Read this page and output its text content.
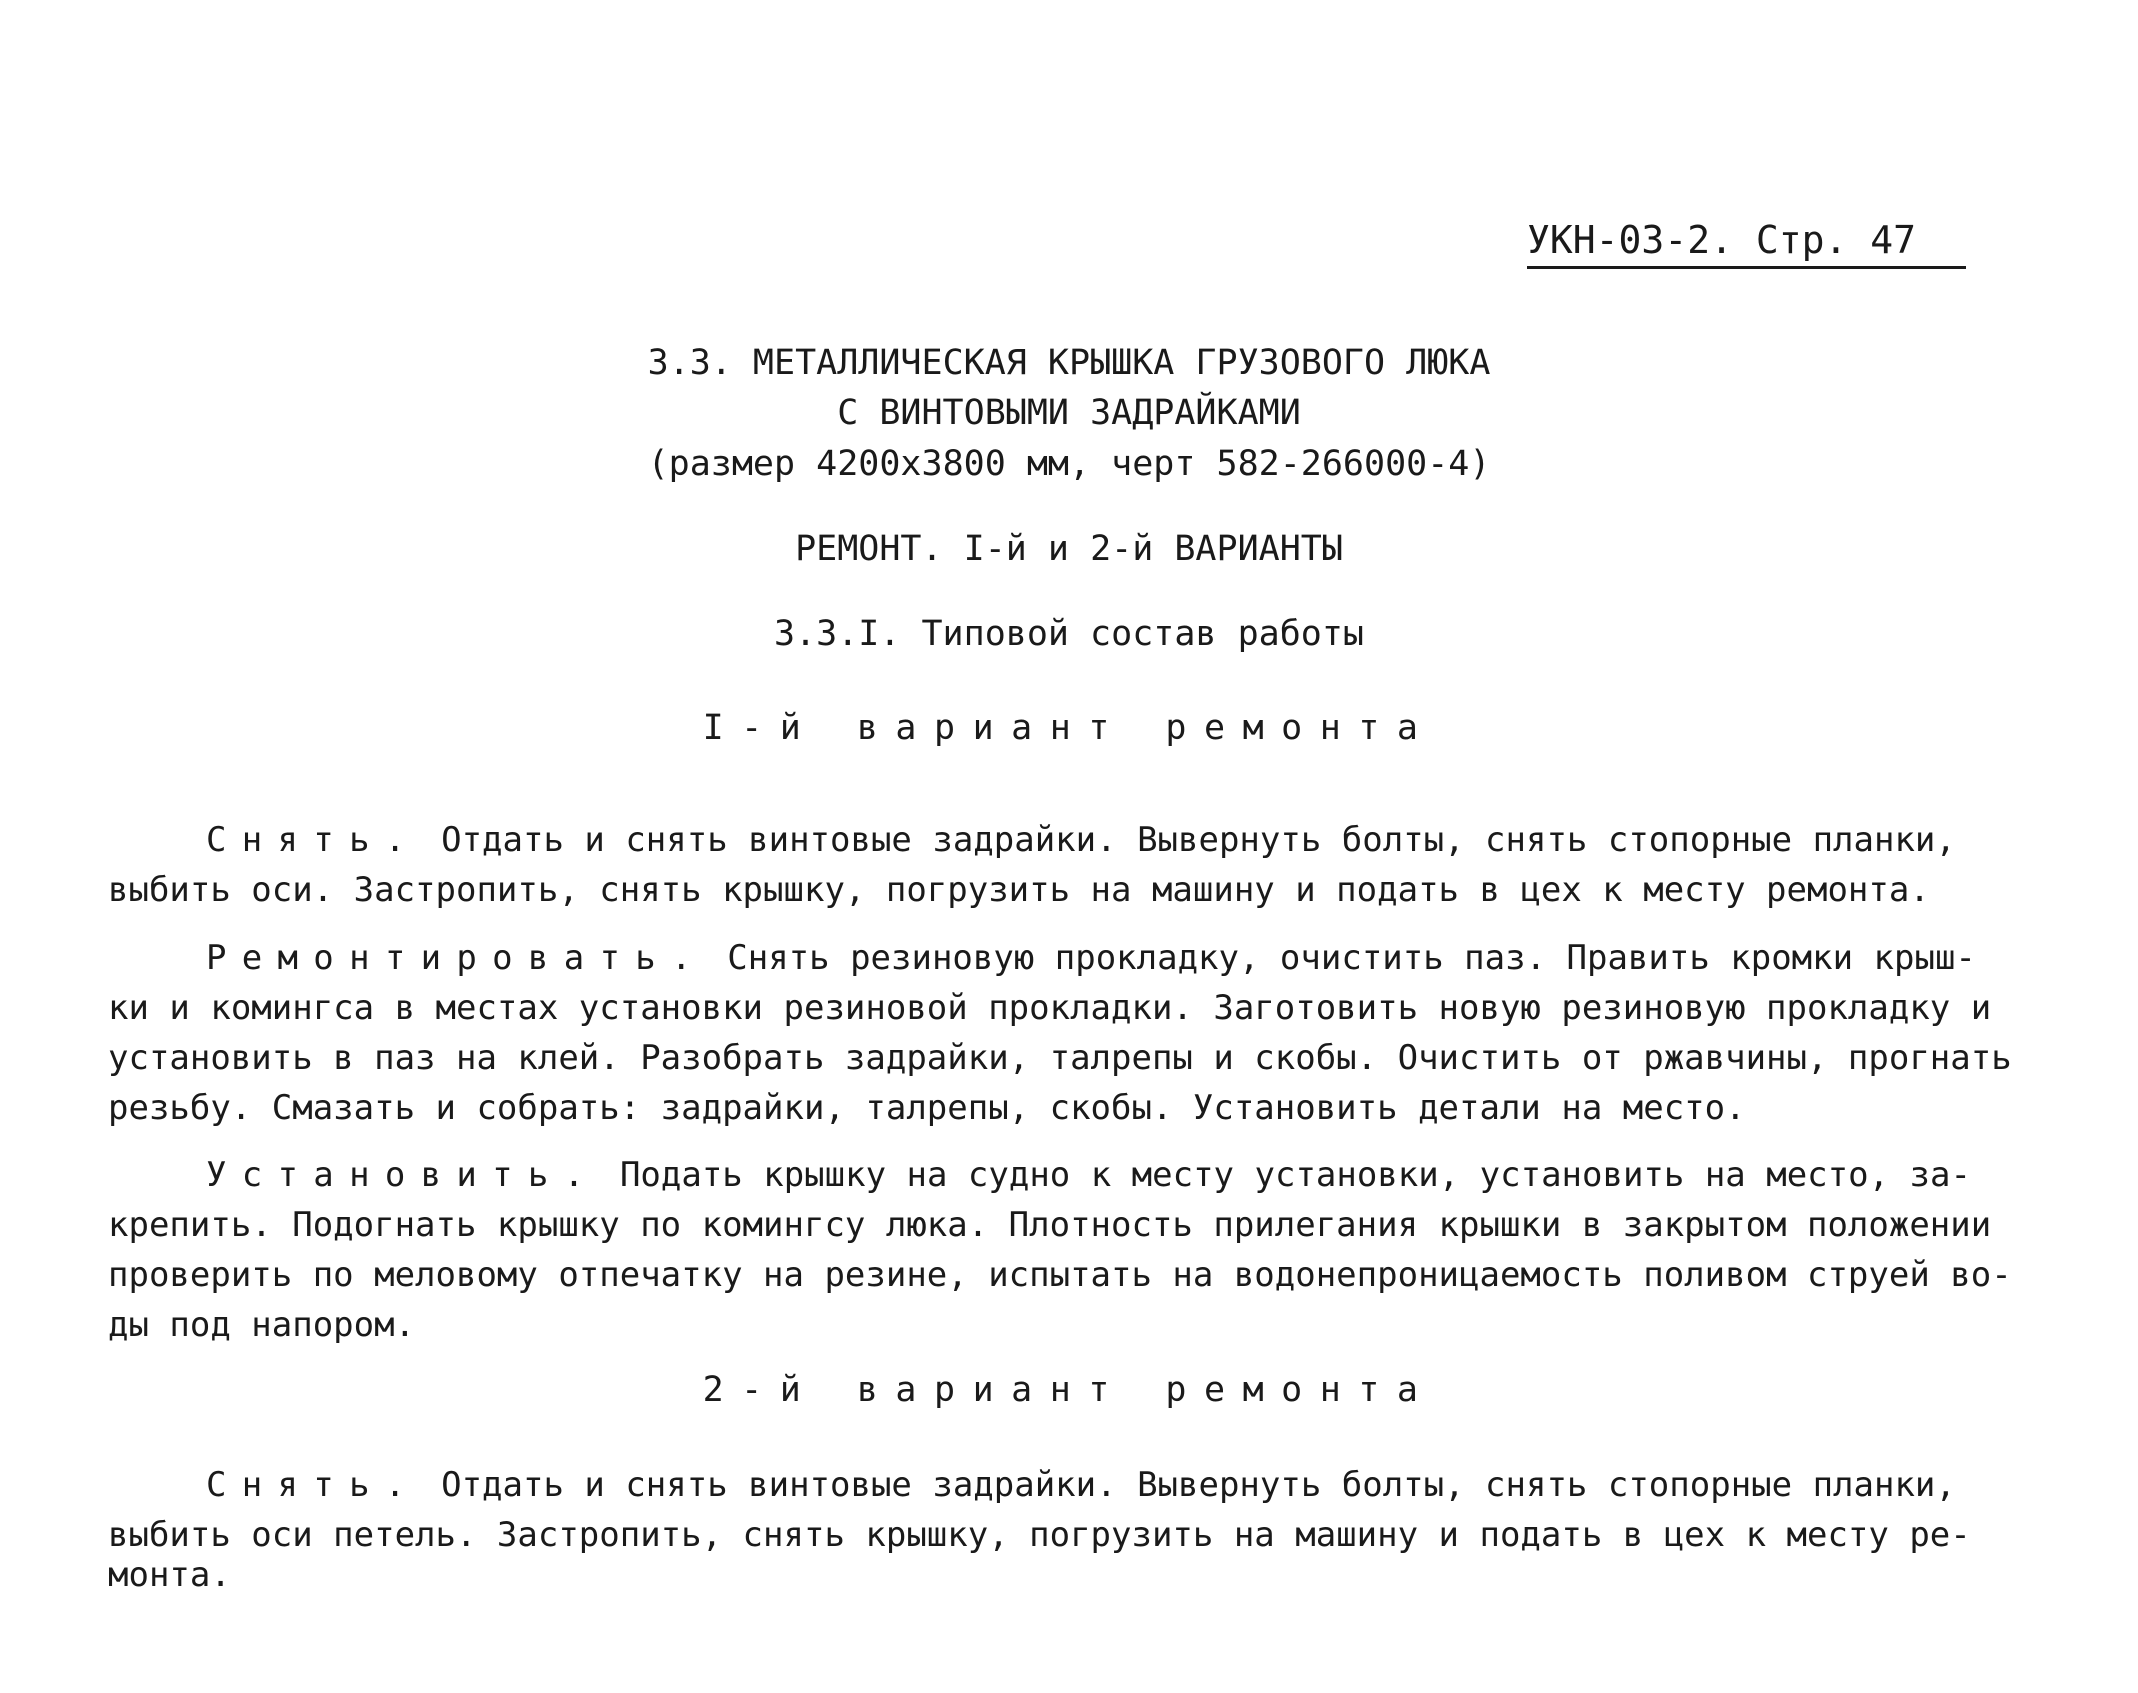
УКН-03-2. Стр. 47
3.3. МЕТАЛЛИЧЕСКАЯ КРЫШКА ГРУЗОВОГО ЛЮКА
С ВИНТОВЫМИ ЗАДРАЙКАМИ
(размер 4200х3800 мм, черт 582-266000-4)
РЕМОНТ. I-й и 2-й ВАРИАНТЫ
3.3.I. Типовой состав работы
I-й вариант ремонта
Снять. Отдать и снять винтовые задрайки. Вывернуть болты, снять стопорные планки,
выбить оси. Застропить, снять крышку, погрузить на машину и подать в цех к месту ремонта.
Ремонтировать. Снять резиновую прокладку, очистить паз. Править кромки крыш-
ки и комингса в местах установки резиновой прокладки. Заготовить новую резиновую прокладку и
установить в паз на клей. Разобрать задрайки, талрепы и скобы. Очистить от ржавчины, прогнать
резьбу. Смазать и собрать: задрайки, талрепы, скобы. Установить детали на место.
Установить. Подать крышку на судно к месту установки, установить на место, за-
крепить. Подогнать крышку по комингсу люка. Плотность прилегания крышки в закрытом положении
проверить по меловому отпечатку на резине, испытать на водонепроницаемость поливом струей во-
ды под напором.
2-й вариант ремонта
Снять. Отдать и снять винтовые задрайки. Вывернуть болты, снять стопорные планки,
выбить оси петель. Застропить, снять крышку, погрузить на машину и подать в цех к месту ре-
монта.
